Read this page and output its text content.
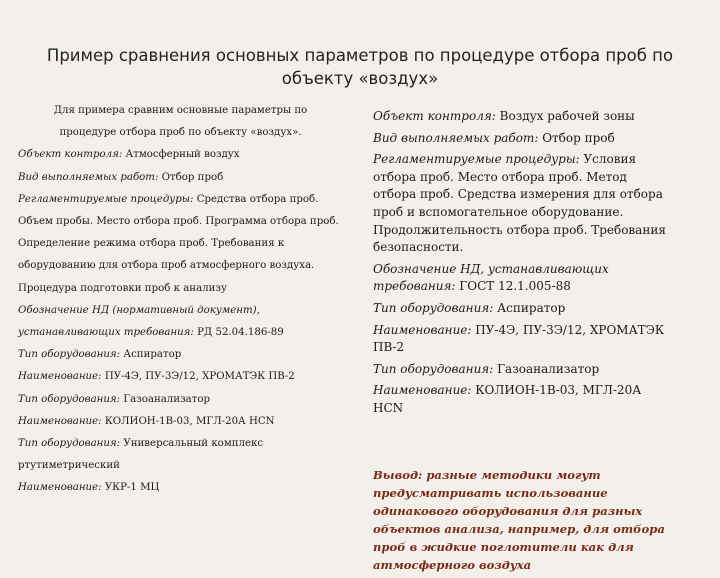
Пример сравнения основных параметров по процедуре отбора проб по объекту «воздух»

Для примера сравним основные параметры по процедуре отбора проб по объекту «воздух».

Объект контроля: Атмосферный воздух

Вид выполняемых работ: Отбор проб

Регламентируемые процедуры: Средства отбора проб. Объем пробы. Место отбора проб. Программа отбора проб. Определение режима отбора проб. Требования к оборудованию для отбора проб атмосферного воздуха. Процедура подготовки проб к анализу

Обозначение НД (нормативный документ), устанавливающих требования: РД 52.04.186-89

Тип оборудования: Аспиратор

Наименование: ПУ-4Э, ПУ-3Э/12, ХРОМАТЭК ПВ-2

Тип оборудования: Газоанализатор

Наименование: КОЛИОН-1В-03, МГЛ-20А HCN

Тип оборудования: Универсальный комплекс ртутиметрический

Наименование: УКР-1 МЦ

Объект контроля: Воздух рабочей зоны

Вид выполняемых работ: Отбор проб

Регламентируемые процедуры: Условия отбора проб. Место отбора проб. Метод отбора проб. Средства измерения для отбора проб и вспомогательное оборудование. Продолжительность отбора проб. Требования безопасности.

Обозначение НД, устанавливающих требования: ГОСТ 12.1.005-88

Тип оборудования: Аспиратор

Наименование: ПУ-4Э, ПУ-3Э/12, ХРОМАТЭК ПВ-2

Тип оборудования: Газоанализатор

Наименование: КОЛИОН-1В-03, МГЛ-20А HCN

Вывод: разные методики могут предусматривать использование одинакового оборудования для разных объектов анализа, например, для отбора проб в жидкие поглотители как для атмосферного воздуха
